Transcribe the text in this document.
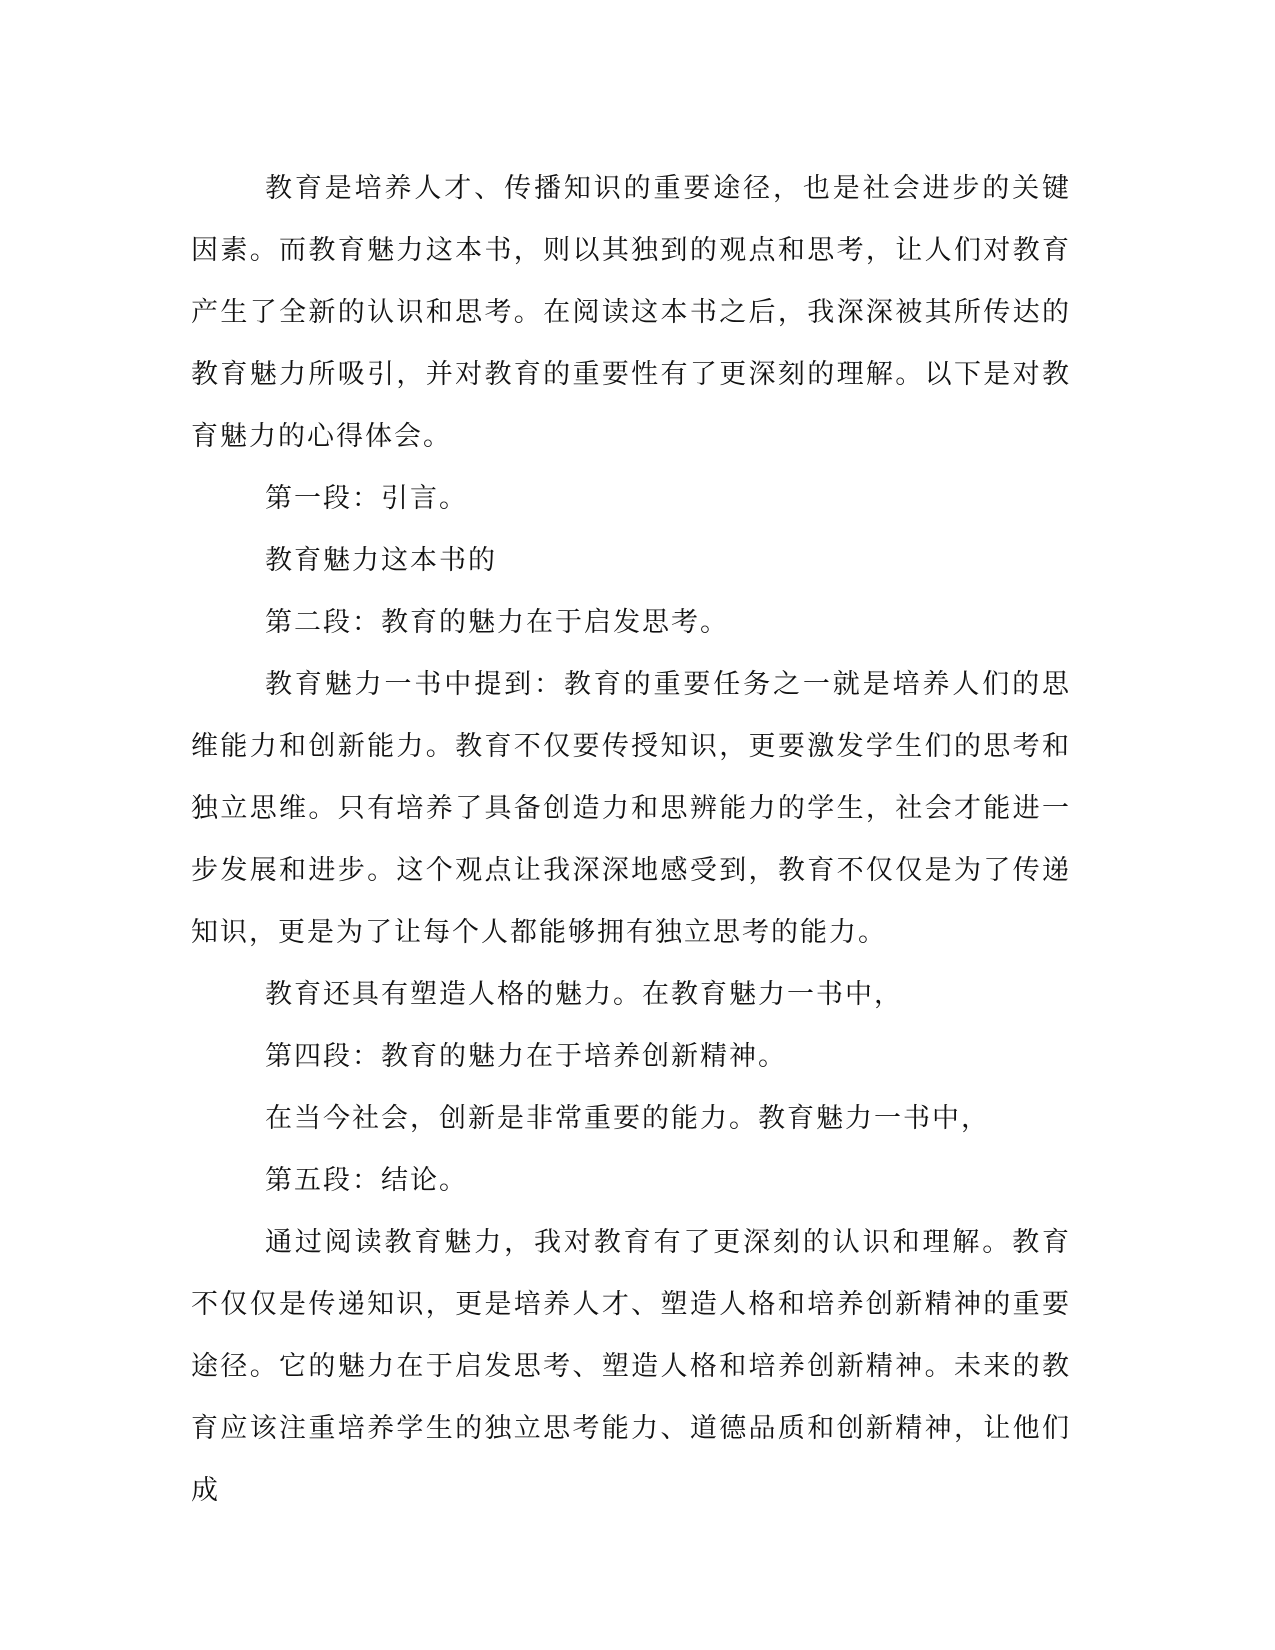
教育是培养人才、传播知识的重要途径，也是社会进步的关键因素。而教育魅力这本书，则以其独到的观点和思考，让人们对教育产生了全新的认识和思考。在阅读这本书之后，我深深被其所传达的教育魅力所吸引，并对教育的重要性有了更深刻的理解。以下是对教育魅力的心得体会。

第一段：引言。

教育魅力这本书的

第二段：教育的魅力在于启发思考。

教育魅力一书中提到：教育的重要任务之一就是培养人们的思维能力和创新能力。教育不仅要传授知识，更要激发学生们的思考和独立思维。只有培养了具备创造力和思辨能力的学生，社会才能进一步发展和进步。这个观点让我深深地感受到，教育不仅仅是为了传递知识，更是为了让每个人都能够拥有独立思考的能力。

教育还具有塑造人格的魅力。在教育魅力一书中，

第四段：教育的魅力在于培养创新精神。

在当今社会，创新是非常重要的能力。教育魅力一书中，

第五段：结论。

通过阅读教育魅力，我对教育有了更深刻的认识和理解。教育不仅仅是传递知识，更是培养人才、塑造人格和培养创新精神的重要途径。它的魅力在于启发思考、塑造人格和培养创新精神。未来的教育应该注重培养学生的独立思考能力、道德品质和创新精神，让他们成
